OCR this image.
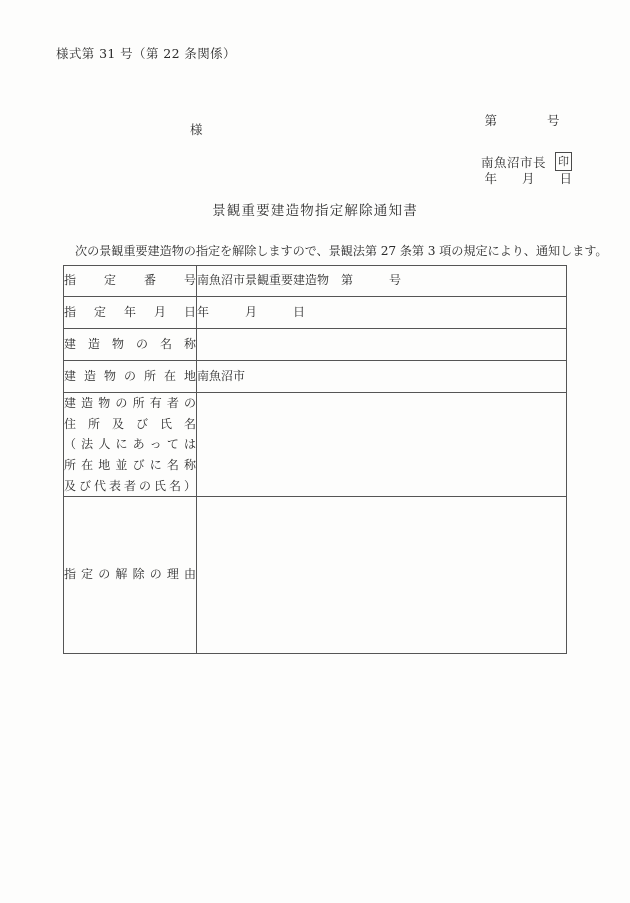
様式第 31 号（第 22 条関係）

第　　　　号

年　　月　　日

様
南魚沼市長 印
景観重要建造物指定解除通知書
次の景観重要建造物の指定を解除しますので、景観法第 27 条第 3 項の規定により、通知します。
指定番号	南魚沼市景観重要建造物　第　　　号

指定年月日	年　　　月　　　日

建造物の名称	

建造物の所在地	南魚沼市

建造物の所有者の
住所及び氏名
（法人にあっては
所在地並びに名称
及び代表者の氏名）	

指定の解除の理由	
